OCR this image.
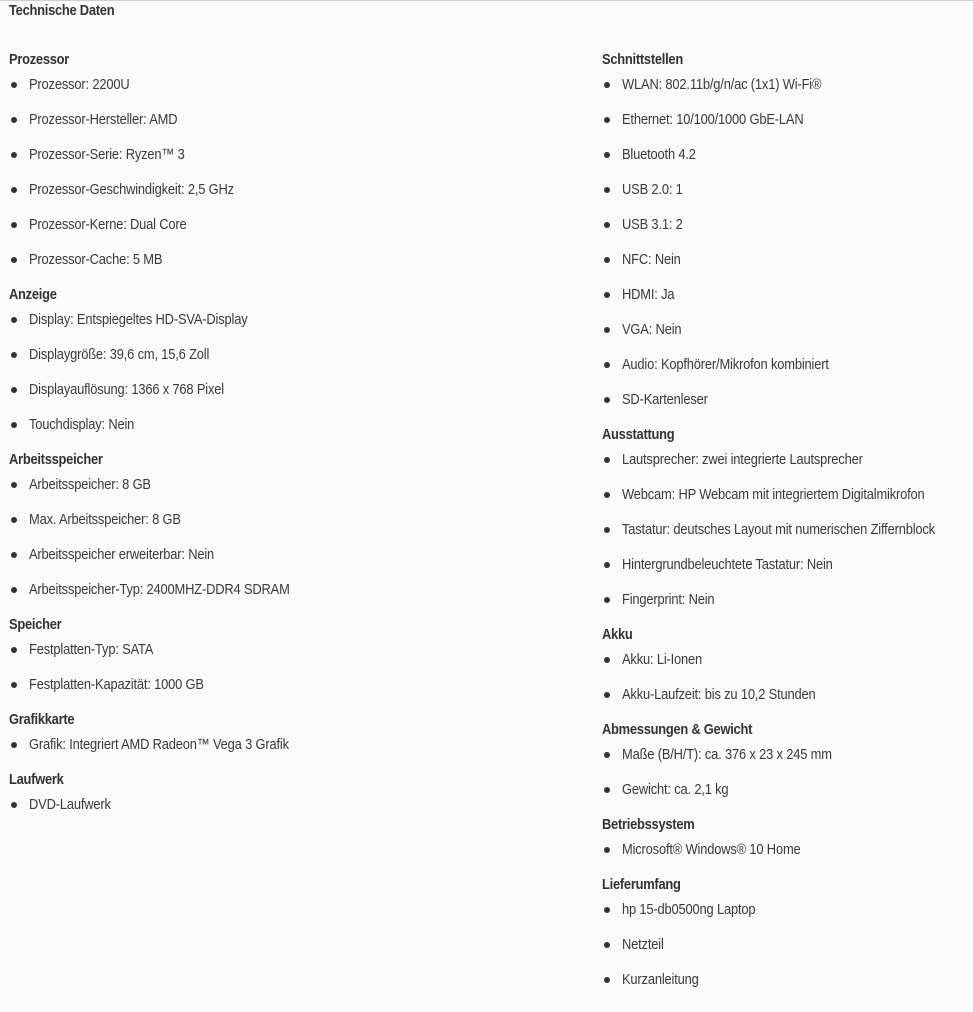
Technische Daten
Prozessor
Prozessor: 2200U
Prozessor-Hersteller: AMD
Prozessor-Serie: Ryzen™ 3
Prozessor-Geschwindigkeit: 2,5 GHz
Prozessor-Kerne: Dual Core
Prozessor-Cache: 5 MB
Anzeige
Display: Entspiegeltes HD-SVA-Display
Displaygröße: 39,6 cm, 15,6 Zoll
Displayauflösung: 1366 x 768 Pixel
Touchdisplay: Nein
Arbeitsspeicher
Arbeitsspeicher: 8 GB
Max. Arbeitsspeicher: 8 GB
Arbeitsspeicher erweiterbar: Nein
Arbeitsspeicher-Typ: 2400MHZ-DDR4 SDRAM
Speicher
Festplatten-Typ: SATA
Festplatten-Kapazität: 1000 GB
Grafikkarte
Grafik: Integriert AMD Radeon™ Vega 3 Grafik
Laufwerk
DVD-Laufwerk
Schnittstellen
WLAN: 802.11b/g/n/ac (1x1) Wi-Fi®
Ethernet: 10/100/1000 GbE-LAN
Bluetooth 4.2
USB 2.0: 1
USB 3.1: 2
NFC: Nein
HDMI: Ja
VGA: Nein
Audio: Kopfhörer/Mikrofon kombiniert
SD-Kartenleser
Ausstattung
Lautsprecher: zwei integrierte Lautsprecher
Webcam: HP Webcam mit integriertem Digitalmikrofon
Tastatur: deutsches Layout mit numerischen Ziffernblock
Hintergrundbeleuchtete Tastatur: Nein
Fingerprint: Nein
Akku
Akku: Li-Ionen
Akku-Laufzeit: bis zu 10,2 Stunden
Abmessungen & Gewicht
Maße (B/H/T): ca. 376 x 23 x 245 mm
Gewicht: ca. 2,1 kg
Betriebssystem
Microsoft® Windows® 10 Home
Lieferumfang
hp 15-db0500ng Laptop
Netzteil
Kurzanleitung
